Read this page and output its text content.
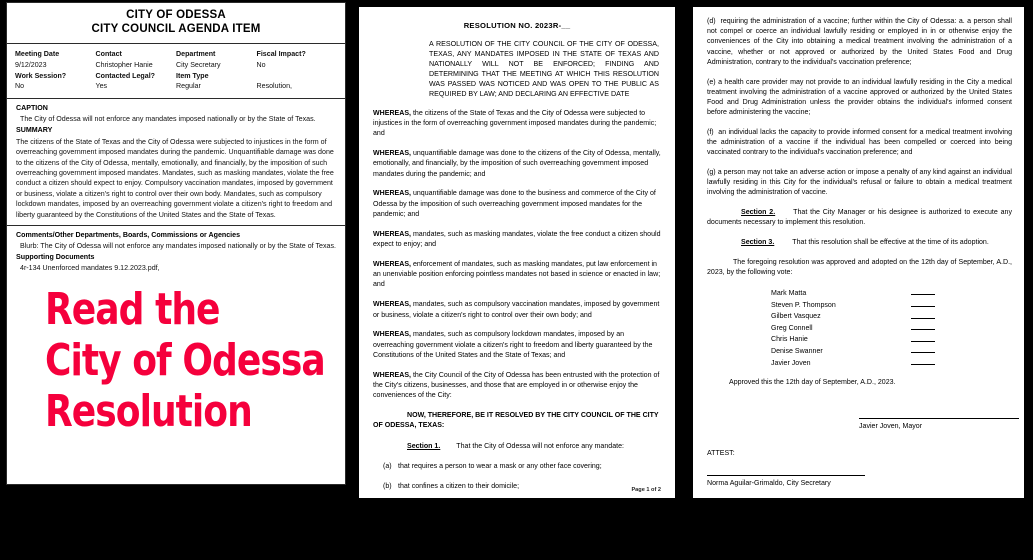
CITY OF ODESSA
CITY COUNCIL AGENDA ITEM
Meeting Date	Contact	Department	Fiscal Impact?
9/12/2023	Christopher Hanie	City Secretary	No
Work Session?	Contacted Legal?	Item Type
No	Yes	Regular	Resolution,
CAPTION
The City of Odessa will not enforce any mandates imposed nationally or by the State of Texas.
SUMMARY
The citizens of the State of Texas and the City of Odessa were subjected to injustices in the form of overreaching government imposed mandates during the pandemic. Unquantifiable damage was done to the citizens of the City of Odessa, mentally, emotionally, and financially, by the imposition of such overreaching government imposed mandates. Mandates, such as masking mandates, violate the free conduct a citizen should expect to enjoy. Compulsory vaccination mandates, imposed by government or business, violate a citizen's right to control over their own body. Mandates, such as compulsory lockdown mandates, imposed by an overreaching government violate a citizen's right to freedom and liberty guaranteed by the Constitutions of the United States and the State of Texas.
Comments/Other Departments, Boards, Commissions or Agencies
Blurb: The City of Odessa will not enforce any mandates imposed nationally or by the State of Texas.
Supporting Documents
4r-134 Unenforced mandates 9.12.2023.pdf,
Read the
City of Odessa
Resolution
RESOLUTION NO. 2023R-__
A RESOLUTION OF THE CITY COUNCIL OF THE CITY OF ODESSA, TEXAS, ANY MANDATES IMPOSED IN THE STATE OF TEXAS AND NATIONALLY WILL NOT BE ENFORCED; FINDING AND DETERMINING THAT THE MEETING AT WHICH THIS RESOLUTION WAS PASSED WAS NOTICED AND WAS OPEN TO THE PUBLIC AS REQUIRED BY LAW; AND DECLARING AN EFFECTIVE DATE
WHEREAS, the citizens of the State of Texas and the City of Odessa were subjected to injustices in the form of overreaching government imposed mandates during the pandemic; and
WHEREAS, unquantifiable damage was done to the citizens of the City of Odessa, mentally, emotionally, and financially, by the imposition of such overreaching government imposed mandates during the pandemic; and
WHEREAS, unquantifiable damage was done to the business and commerce of the City of Odessa by the imposition of such overreaching government imposed mandates for the pandemic; and
WHEREAS, mandates, such as masking mandates, violate the free conduct a citizen should expect to enjoy; and
WHEREAS, enforcement of mandates, such as masking mandates, put law enforcement in an unenviable position enforcing pointless mandates not based in science or enacted in law; and
WHEREAS, mandates, such as compulsory vaccination mandates, imposed by government or business, violate a citizen's right to control over their own body; and
WHEREAS, mandates, such as compulsory lockdown mandates, imposed by an overreaching government violate a citizen's right to freedom and liberty guaranteed by the Constitutions of the United States and the State of Texas; and
WHEREAS, the City Council of the City of Odessa has been entrusted with the protection of the City's citizens, businesses, and those that are employed in or otherwise enjoy the conveniences of the City:
NOW, THEREFORE, BE IT RESOLVED BY THE CITY COUNCIL OF THE CITY OF ODESSA, TEXAS:
Section 1. That the City of Odessa will not enforce any mandate:
(a) that requires a person to wear a mask or any other face covering;
(b) that confines a citizen to their domicile;
(c) that requires businesses to alter their business operation including but not limited to spacing requirements, modified hours of operations, or cessation of operations;
Page 1 of 2
(d) requiring the administration of a vaccine; further within the City of Odessa: a. a person shall not compel or coerce an individual lawfully residing or employed in in or otherwise enjoy the conveniences of the City into obtaining a medical treatment involving the administration of a vaccine, whether or not approved or authorized by the United States Food and Drug Administration, contrary to the individual's vaccination preference;
(e) a health care provider may not provide to an individual lawfully residing in the City a medical treatment involving the administration of a vaccine approved or authorized by the United States Food and Drug Administration unless the provider obtains the individual's informed consent before administering the vaccine;
(f) an individual lacks the capacity to provide informed consent for a medical treatment involving the administration of a vaccine if the individual has been compelled or coerced into being vaccinated contrary to the individual's vaccination preference; and
(g) a person may not take an adverse action or impose a penalty of any kind against an individual lawfully residing in this City for the individual's refusal or failure to obtain a medical treatment involving the administration of vaccine.
Section 2.	That the City Manager or his designee is authorized to execute any documents necessary to implement this resolution.
Section 3.	That this resolution shall be effective at the time of its adoption.
The foregoing resolution was approved and adopted on the 12th day of September, A.D., 2023, by the following vote:
Mark Matta
Steven P. Thompson
Gilbert Vasquez
Greg Connell
Chris Hanie
Denise Swanner
Javier Joven
Approved this the 12th day of September, A.D., 2023.
Javier Joven, Mayor
ATTEST:
Norma Aguilar-Grimaldo, City Secretary
APPROVED AS TO FORM:
Daniel C. Jones, City Attorney
